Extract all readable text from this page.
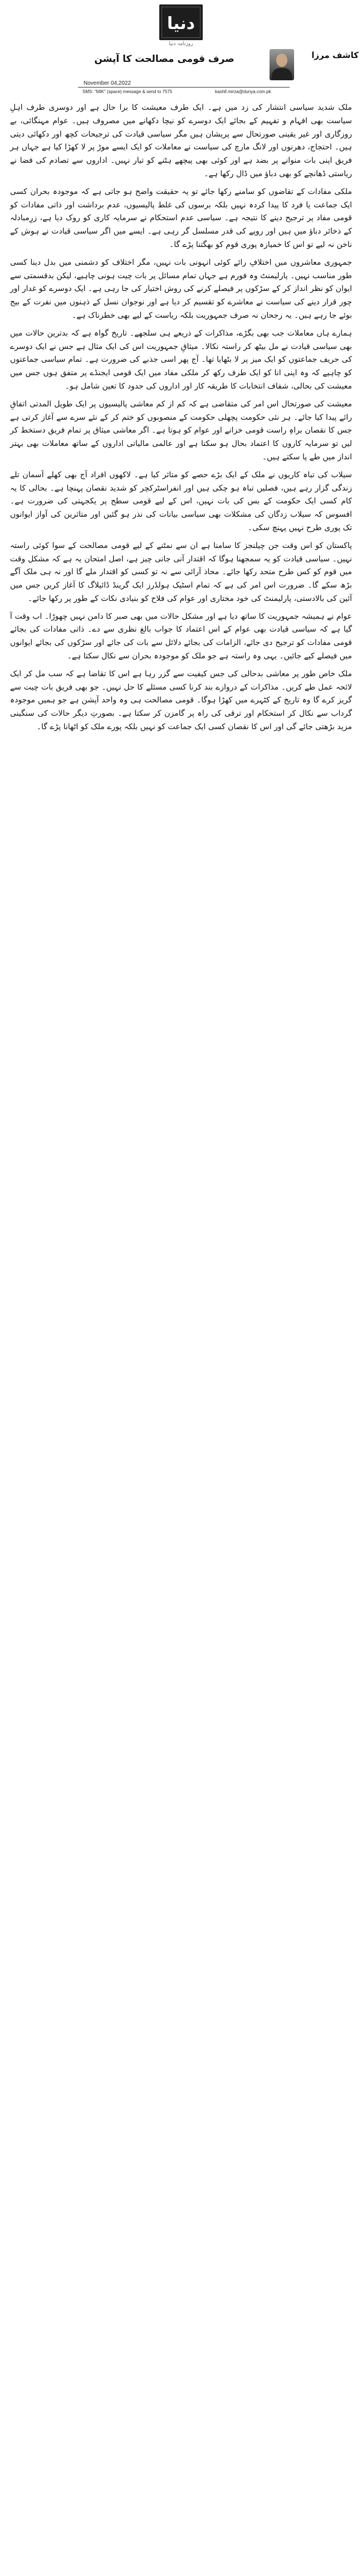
دنیا
روزنامہ دنیا
صرف قومی مصالحت کا آپشن	کاشف مرزا
November 04,2022
SMS: "MIK" (space) message & send to 7575	kashif.mirza@dunya.com.pk

ملک شدید سیاسی انتشار کی زد میں ہے۔ ایک طرف معیشت کا برا حال ہے اور دوسری طرف اہلِ سیاست بھی افہام و تفہیم کے بجائے ایک دوسرے کو نیچا دکھانے میں مصروف ہیں۔ عوام مہنگائی، بے روزگاری اور غیر یقینی صورتحال سے پریشان ہیں مگر سیاسی قیادت کی ترجیحات کچھ اور دکھائی دیتی ہیں۔ احتجاج، دھرنوں اور لانگ مارچ کی سیاست نے معاملات کو ایک ایسے موڑ پر لا کھڑا کیا ہے جہاں ہر فریق اپنی بات منوانے پر بضد ہے اور کوئی بھی پیچھے ہٹنے کو تیار نہیں۔ اداروں سے تصادم کی فضا نے ریاستی ڈھانچے کو بھی دباؤ میں ڈال رکھا ہے۔

ملکی مفادات کے تقاضوں کو سامنے رکھا جائے تو یہ حقیقت واضح ہو جاتی ہے کہ موجودہ بحران کسی ایک جماعت یا فرد کا پیدا کردہ نہیں بلکہ برسوں کی غلط پالیسیوں، عدم برداشت اور ذاتی مفادات کو قومی مفاد پر ترجیح دینے کا نتیجہ ہے۔ سیاسی عدم استحکام نے سرمایہ کاری کو روک دیا ہے، زرِمبادلہ کے ذخائر دباؤ میں ہیں اور روپے کی قدر مسلسل گر رہی ہے۔ ایسے میں اگر سیاسی قیادت نے ہوش کے ناخن نہ لیے تو اس کا خمیازہ پوری قوم کو بھگتنا پڑے گا۔

جمہوری معاشروں میں اختلافِ رائے کوئی انہونی بات نہیں، مگر اختلاف کو دشمنی میں بدل دینا کسی طور مناسب نہیں۔ پارلیمنٹ وہ فورم ہے جہاں تمام مسائل پر بات چیت ہونی چاہیے، لیکن بدقسمتی سے ایوان کو نظر انداز کر کے سڑکوں پر فیصلے کرنے کی روش اختیار کی جا رہی ہے۔ ایک دوسرے کو غدار اور چور قرار دینے کی سیاست نے معاشرے کو تقسیم کر دیا ہے اور نوجوان نسل کے ذہنوں میں نفرت کے بیج بوئے جا رہے ہیں۔ یہ رجحان نہ صرف جمہوریت بلکہ ریاست کے لیے بھی خطرناک ہے۔

ہمارے ہاں معاملات جب بھی بگڑے، مذاکرات کے ذریعے ہی سلجھے۔ تاریخ گواہ ہے کہ بدترین حالات میں بھی سیاسی قیادت نے مل بیٹھ کر راستہ نکالا۔ میثاقِ جمہوریت اس کی ایک مثال ہے جس نے ایک دوسرے کی حریف جماعتوں کو ایک میز پر لا بٹھایا تھا۔ آج پھر اسی جذبے کی ضرورت ہے۔ تمام سیاسی جماعتوں کو چاہیے کہ وہ اپنی انا کو ایک طرف رکھ کر ملکی مفاد میں ایک قومی ایجنڈے پر متفق ہوں جس میں معیشت کی بحالی، شفاف انتخابات کا طریقہ کار اور اداروں کی حدود کا تعین شامل ہو۔

معیشت کی صورتحال اس امر کی متقاضی ہے کہ کم از کم معاشی پالیسیوں پر ایک طویل المدتی اتفاقِ رائے پیدا کیا جائے۔ ہر نئی حکومت پچھلی حکومت کے منصوبوں کو ختم کر کے نئے سرے سے آغاز کرتی ہے جس کا نقصان براہِ راست قومی خزانے اور عوام کو ہوتا ہے۔ اگر معاشی میثاق پر تمام فریق دستخط کر لیں تو سرمایہ کاروں کا اعتماد بحال ہو سکتا ہے اور عالمی مالیاتی اداروں کے ساتھ معاملات بھی بہتر انداز میں طے پا سکتے ہیں۔

سیلاب کی تباہ کاریوں نے ملک کے ایک بڑے حصے کو متاثر کیا ہے۔ لاکھوں افراد آج بھی کھلے آسمان تلے زندگی گزار رہے ہیں، فصلیں تباہ ہو چکی ہیں اور انفراسٹرکچر کو شدید نقصان پہنچا ہے۔ بحالی کا یہ کام کسی ایک حکومت کے بس کی بات نہیں، اس کے لیے قومی سطح پر یکجہتی کی ضرورت ہے۔ افسوس کہ سیلاب زدگان کی مشکلات بھی سیاسی بیانات کی نذر ہو گئیں اور متاثرین کی آواز ایوانوں تک پوری طرح نہیں پہنچ سکی۔

پاکستان کو اس وقت جن چیلنجز کا سامنا ہے ان سے نمٹنے کے لیے قومی مصالحت کے سوا کوئی راستہ نہیں۔ سیاسی قیادت کو یہ سمجھنا ہوگا کہ اقتدار آنی جانی چیز ہے، اصل امتحان یہ ہے کہ مشکل وقت میں قوم کو کس طرح متحد رکھا جائے۔ محاذ آرائی سے نہ تو کسی کو اقتدار ملے گا اور نہ ہی ملک آگے بڑھ سکے گا۔ ضرورت اس امر کی ہے کہ تمام اسٹیک ہولڈرز ایک گرینڈ ڈائیلاگ کا آغاز کریں جس میں آئین کی بالادستی، پارلیمنٹ کی خود مختاری اور عوام کی فلاح کو بنیادی نکات کے طور پر رکھا جائے۔

عوام نے ہمیشہ جمہوریت کا ساتھ دیا ہے اور مشکل حالات میں بھی صبر کا دامن نہیں چھوڑا۔ اب وقت آ گیا ہے کہ سیاسی قیادت بھی عوام کے اس اعتماد کا جواب بالغ نظری سے دے۔ ذاتی مفادات کی بجائے قومی مفادات کو ترجیح دی جائے، الزامات کی بجائے دلائل سے بات کی جائے اور سڑکوں کی بجائے ایوانوں میں فیصلے کیے جائیں۔ یہی وہ راستہ ہے جو ملک کو موجودہ بحران سے نکال سکتا ہے۔

ملک خاص طور پر معاشی بدحالی کی جس کیفیت سے گزر رہا ہے اس کا تقاضا ہے کہ سب مل کر ایک لائحہ عمل طے کریں۔ مذاکرات کے دروازے بند کرنا کسی مسئلے کا حل نہیں۔ جو بھی فریق بات چیت سے گریز کرے گا وہ تاریخ کے کٹہرے میں کھڑا ہوگا۔ قومی مصالحت ہی وہ واحد آپشن ہے جو ہمیں موجودہ گرداب سے نکال کر استحکام اور ترقی کی راہ پر گامزن کر سکتا ہے۔ بصورتِ دیگر حالات کی سنگینی مزید بڑھتی جائے گی اور اس کا نقصان کسی ایک جماعت کو نہیں بلکہ پورے ملک کو اٹھانا پڑے گا۔
